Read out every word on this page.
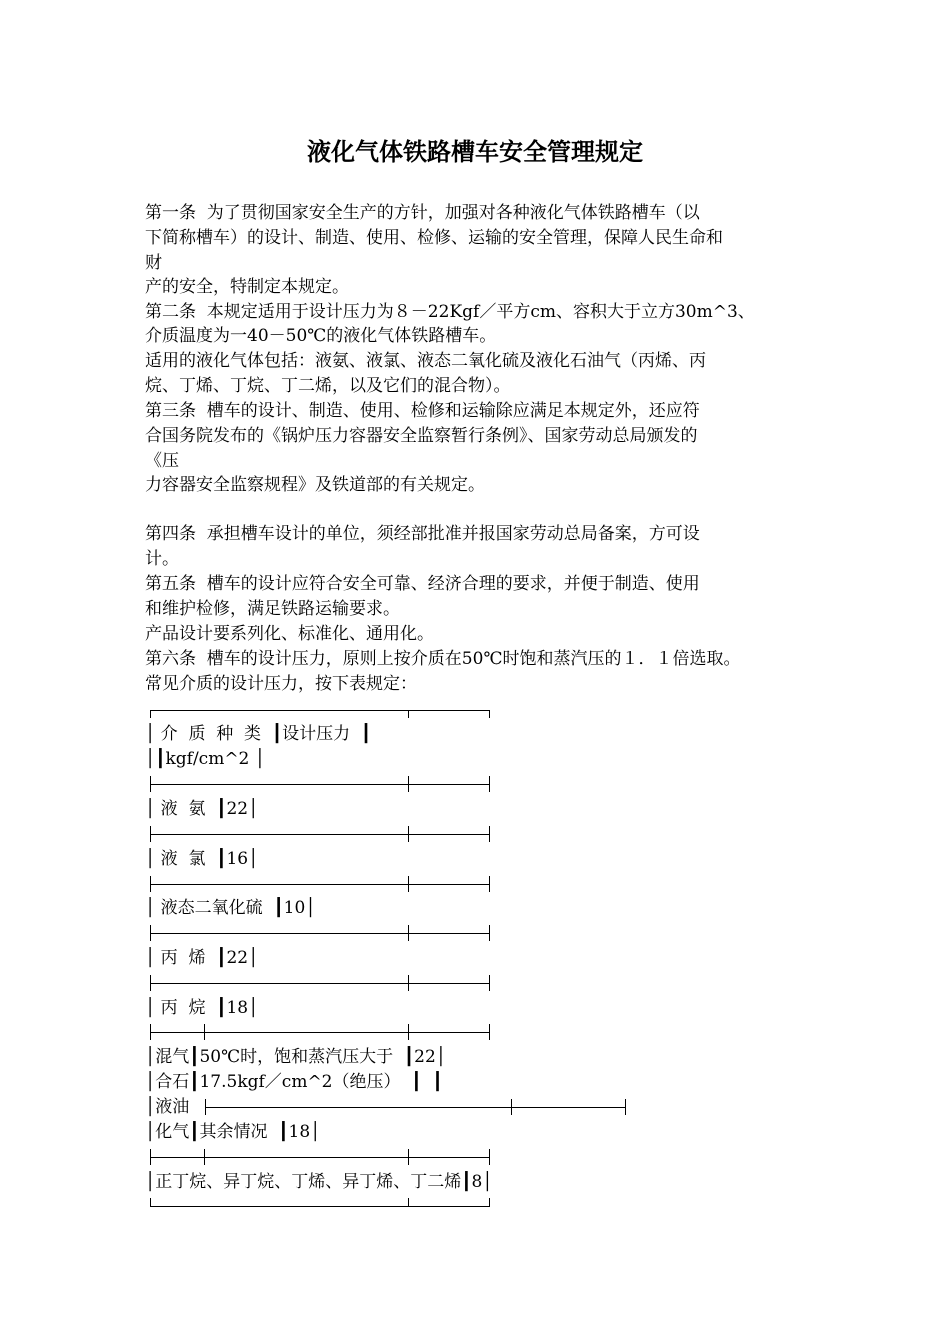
液化气体铁路槽车安全管理规定
第一条  为了贯彻国家安全生产的方针，加强对各种液化气体铁路槽车（以
下简称槽车）的设计、制造、使用、检修、运输的安全管理，保障人民生命和
财
产的安全，特制定本规定。
第二条  本规定适用于设计压力为８－22Kgf／平方cm、容积大于立方30m^3、
介质温度为一40－50℃的液化气体铁路槽车。
适用的液化气体包括：液氨、液氯、液态二氧化硫及液化石油气（丙烯、丙
烷、丁烯、丁烷、丁二烯，以及它们的混合物）。
第三条  槽车的设计、制造、使用、检修和运输除应满足本规定外，还应符
合国务院发布的《锅炉压力容器安全监察暂行条例》、国家劳动总局颁发的
《压
力容器安全监察规程》及铁道部的有关规定。
第四条  承担槽车设计的单位，须经部批准并报国家劳动总局备案，方可设
计。
第五条  槽车的设计应符合安全可靠、经济合理的要求，并便于制造、使用
和维护检修，满足铁路运输要求。
产品设计要系列化、标准化、通用化。
第六条  槽车的设计压力，原则上按介质在50℃时饱和蒸汽压的１．１倍选取。
常见介质的设计压力，按下表规定：
│ 介  质  种  类  ┃设计压力  ┃
│┃kgf/cm^2 │
│ 液  氨  ┃22│
│ 液  氯  ┃16│
│ 液态二氧化硫  ┃10│
│ 丙  烯  ┃22│
│ 丙  烷  ┃18│
│混气┃50℃时，饱和蒸汽压大于  ┃22│
│合石┃17.5kgf／cm^2（绝压）  ┃  ┃
│液油
│化气┃其余情况  ┃18│
│正丁烷、异丁烷、丁烯、异丁烯、丁二烯┃8│
